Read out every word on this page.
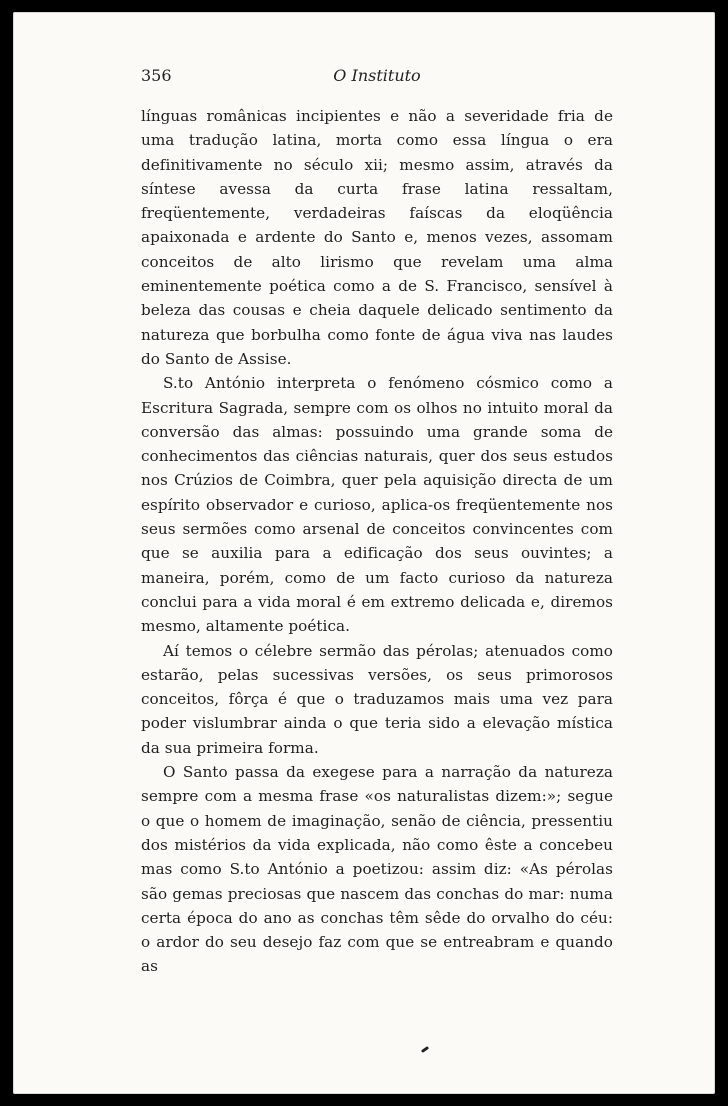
356	O Instituto

línguas românicas incipientes e não a severidade fria de uma tradução latina, morta como essa língua o era definitivamente no século xii; mesmo assim, através da síntese avessa da curta frase latina ressaltam, freqüentemente, verdadeiras faíscas da eloqüência apaixonada e ardente do Santo e, menos vezes, assomam conceitos de alto lirismo que revelam uma alma eminentemente poética como a de S. Francisco, sensível à beleza das cousas e cheia daquele delicado sentimento da natureza que borbulha como fonte de água viva nas laudes do Santo de Assise.

S.to António interpreta o fenómeno cósmico como a Escritura Sagrada, sempre com os olhos no intuito moral da conversão das almas: possuindo uma grande soma de conhecimentos das ciências naturais, quer dos seus estudos nos Crúzios de Coimbra, quer pela aquisição directa de um espírito observador e curioso, aplica-os freqüentemente nos seus sermões como arsenal de conceitos convincentes com que se auxilia para a edificação dos seus ouvintes; a maneira, porém, como de um facto curioso da natureza conclui para a vida moral é em extremo delicada e, diremos mesmo, altamente poética.

Aí temos o célebre sermão das pérolas; atenuados como estarão, pelas sucessivas versões, os seus primorosos conceitos, fôrça é que o traduzamos mais uma vez para poder vislumbrar ainda o que teria sido a elevação mística da sua primeira forma.

O Santo passa da exegese para a narração da natureza sempre com a mesma frase «os naturalistas dizem:»; segue o que o homem de imaginação, senão de ciência, pressentiu dos mistérios da vida explicada, não como êste a concebeu mas como S.to António a poetizou: assim diz: «As pérolas são gemas preciosas que nascem das conchas do mar: numa certa época do ano as conchas têm sêde do orvalho do céu: o ardor do seu desejo faz com que se entreabram e quando as
